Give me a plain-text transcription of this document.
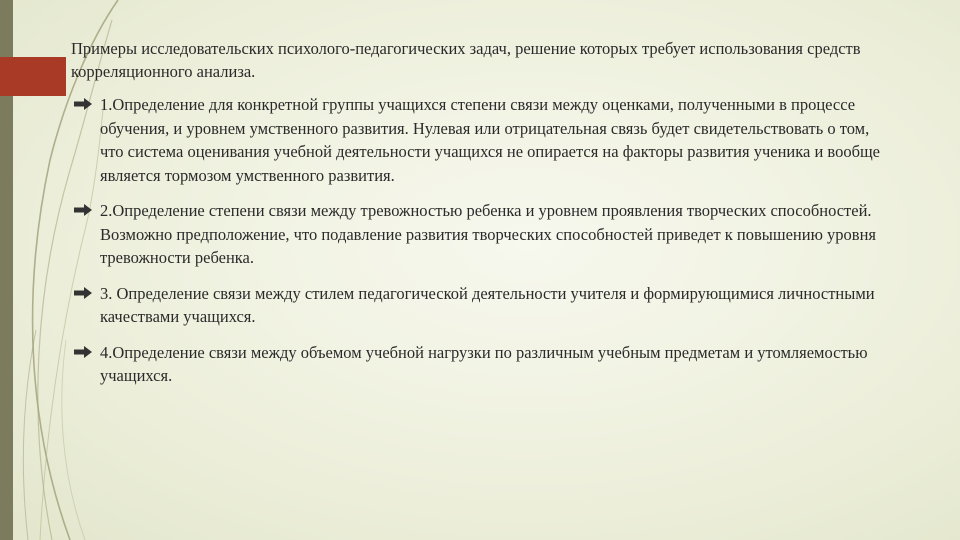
Примеры исследовательских психолого-педагогических задач, решение которых требует использования средств корреляционного анализа.
1.Определение для конкретной группы учащихся степени связи между оценками, полученными в процессе обучения, и уровнем умственного развития. Нулевая или отрицательная связь будет свидетельствовать о том, что система оценивания учебной деятельности учащихся не опирается на факторы развития ученика и вообще является тормозом умственного развития.
2.Определение степени связи между тревожностью ребенка и уровнем проявления творческих способностей. Возможно предположение, что подавление развития творческих способностей приведет к повышению уровня тревожности ребенка.
3. Определение связи между стилем педагогической деятельности учителя и формирующимися личностными качествами учащихся.
4.Определение связи между объемом учебной нагрузки по различным учебным предметам и утомляемостью учащихся.
